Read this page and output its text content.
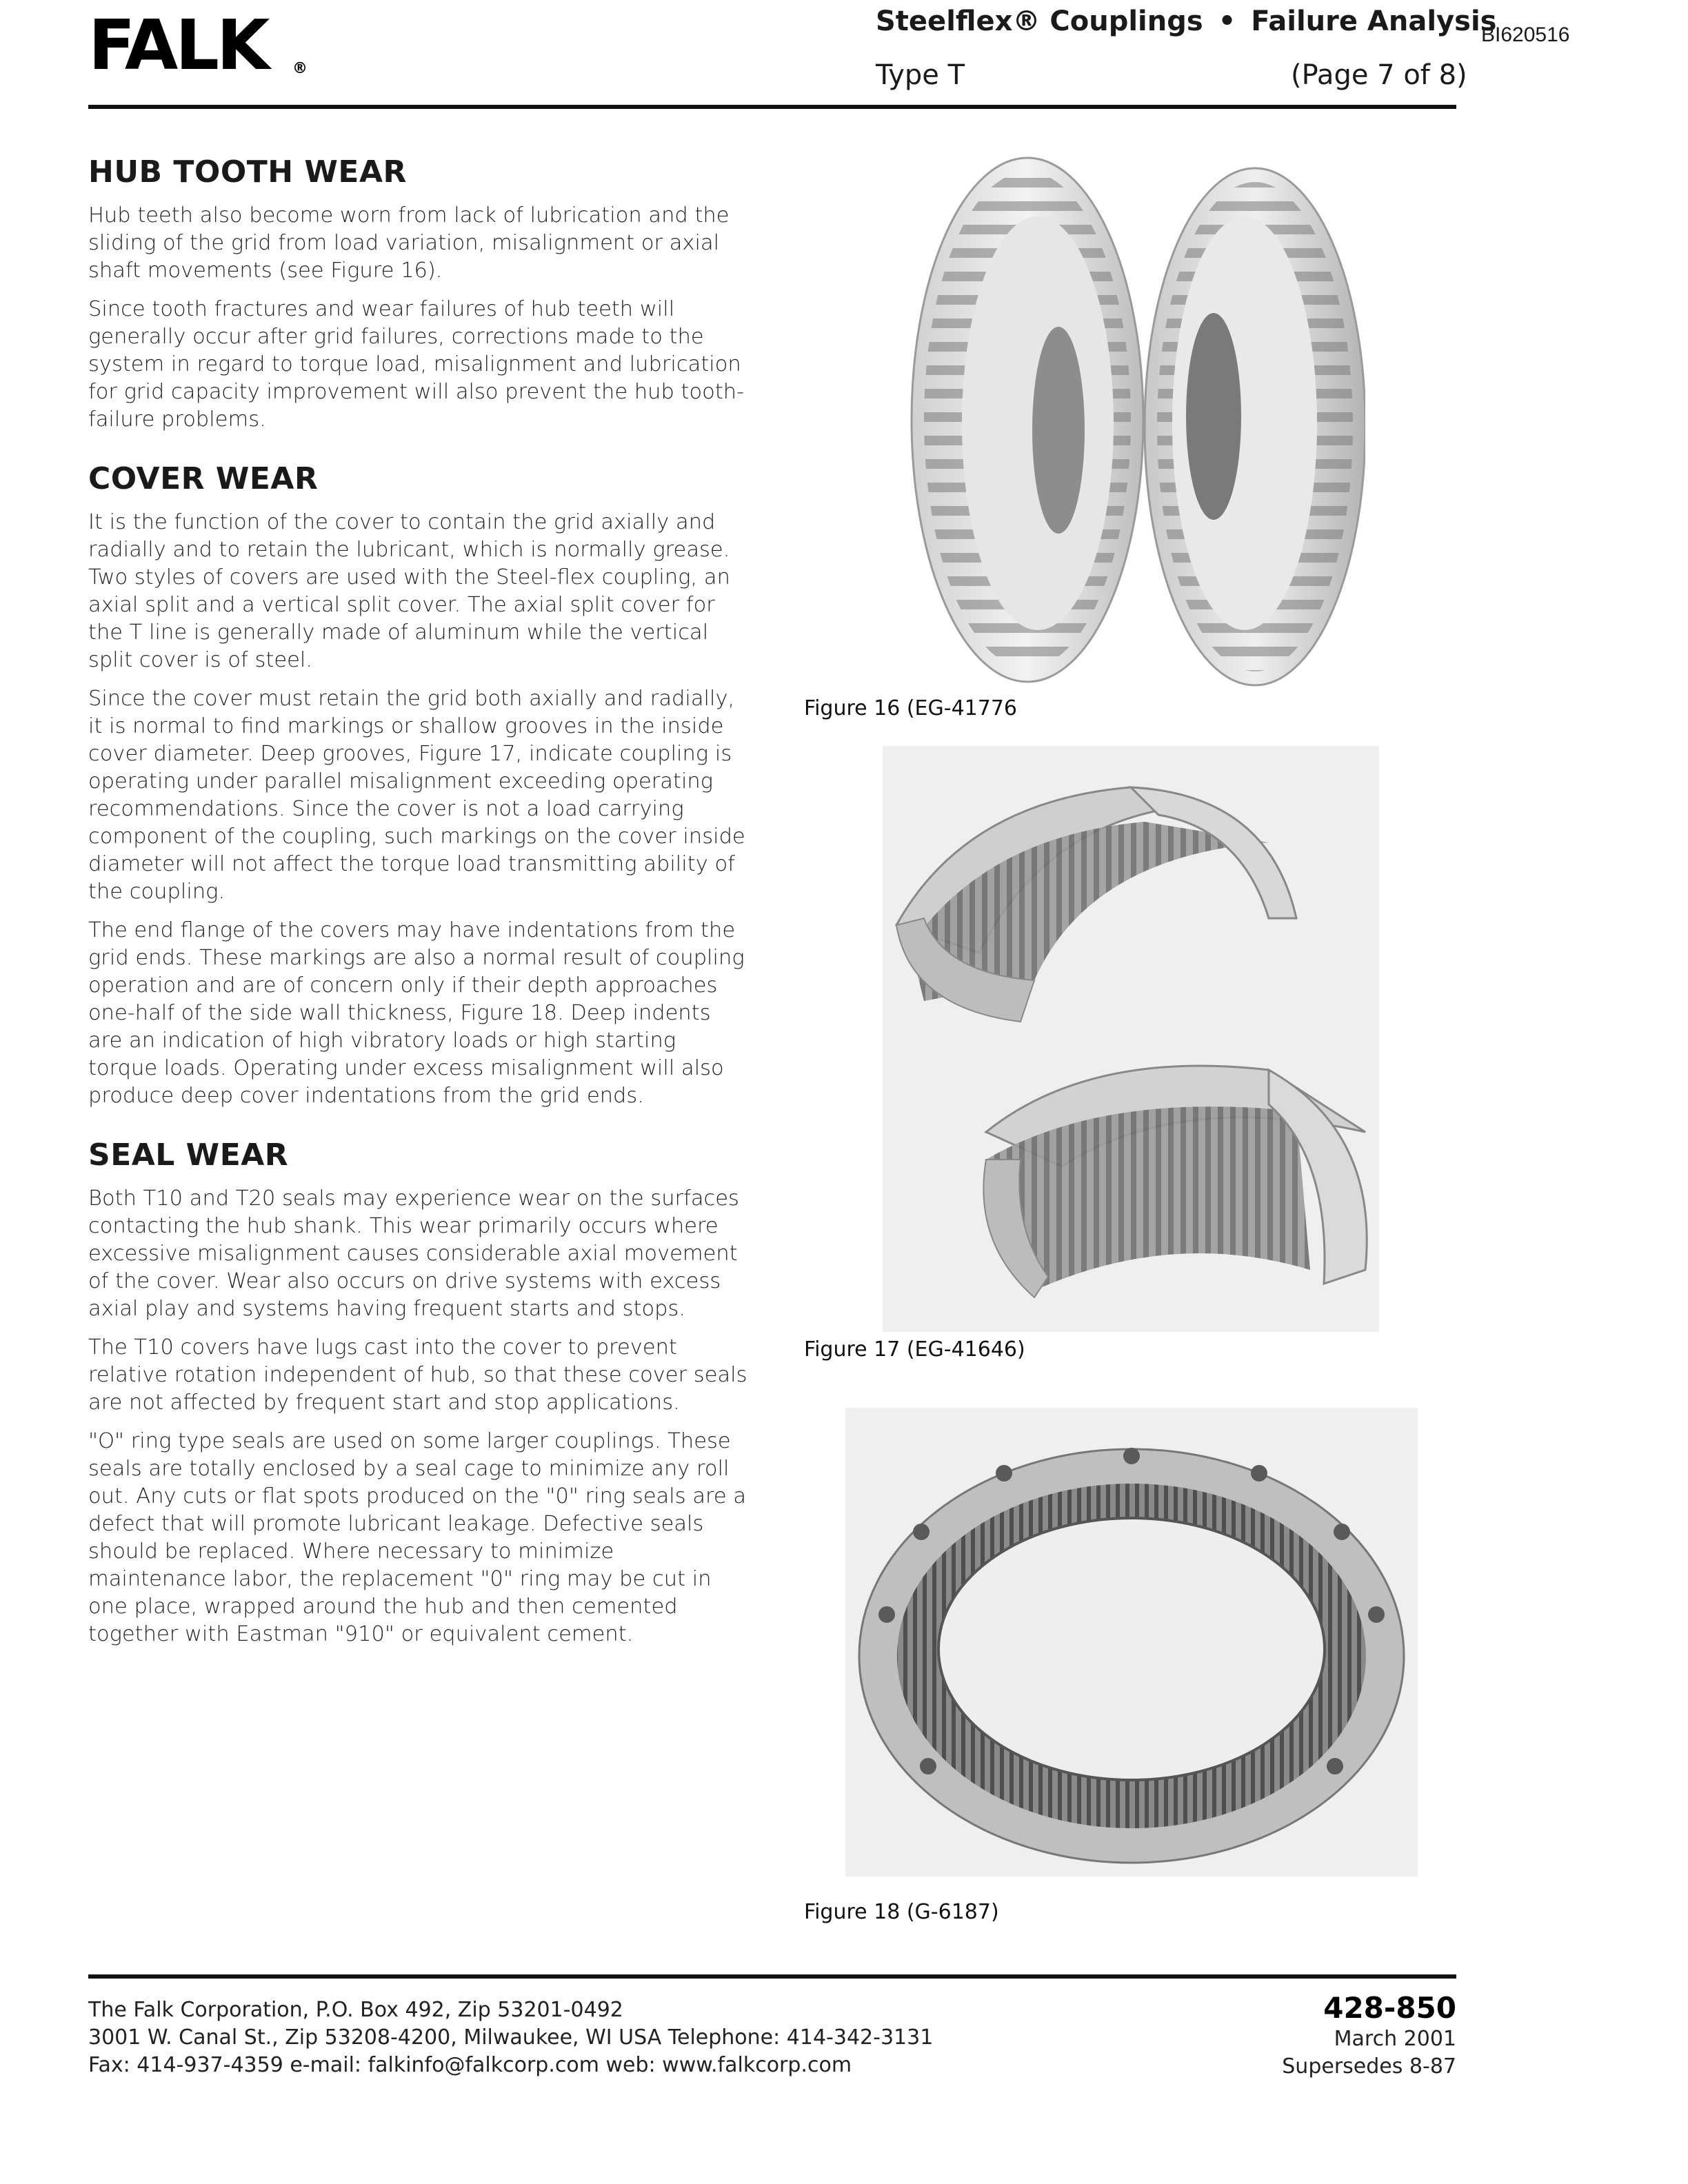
FALK ®
Steelflex® Couplings • Failure Analysis
BI620516
Type T	(Page 7 of 8)
HUB TOOTH WEAR

Hub teeth also become worn from lack of lubrication and the sliding of the grid from load variation, misalignment or axial shaft movements (see Figure 16).

Since tooth fractures and wear failures of hub teeth will generally occur after grid failures, corrections made to the system in regard to torque load, misalignment and lubrication for grid capacity improvement will also prevent the hub tooth-failure problems.

COVER WEAR

It is the function of the cover to contain the grid axially and radially and to retain the lubricant, which is normally grease. Two styles of covers are used with the Steel-flex coupling, an axial split and a vertical split cover. The axial split cover for the T line is generally made of aluminum while the vertical split cover is of steel.

Since the cover must retain the grid both axially and radially, it is normal to find markings or shallow grooves in the inside cover diameter. Deep grooves, Figure 17, indicate coupling is operating under parallel misalignment exceeding operating recommendations. Since the cover is not a load carrying component of the coupling, such markings on the cover inside diameter will not affect the torque load transmitting ability of the coupling.

The end flange of the covers may have indentations from the grid ends. These markings are also a normal result of coupling operation and are of concern only if their depth approaches one-half of the side wall thickness, Figure 18. Deep indents are an indication of high vibratory loads or high starting torque loads. Operating under excess misalignment will also produce deep cover indentations from the grid ends.

SEAL WEAR

Both T10 and T20 seals may experience wear on the surfaces contacting the hub shank. This wear primarily occurs where excessive misalignment causes considerable axial movement of the cover. Wear also occurs on drive systems with excess axial play and systems having frequent starts and stops.

The T10 covers have lugs cast into the cover to prevent relative rotation independent of hub, so that these cover seals are not affected by frequent start and stop applications.

"O" ring type seals are used on some larger couplings. These seals are totally enclosed by a seal cage to minimize any roll out. Any cuts or flat spots produced on the "0" ring seals are a defect that will promote lubricant leakage. Defective seals should be replaced. Where necessary to minimize maintenance labor, the replacement "0" ring may be cut in one place, wrapped around the hub and then cemented together with Eastman "910" or equivalent cement.

Figure 16 (EG-41776
Figure 17 (EG-41646)
Figure 18 (G-6187)
The Falk Corporation, P.O. Box 492, Zip 53201-0492
3001 W. Canal St., Zip 53208-4200, Milwaukee, WI USA Telephone: 414-342-3131
Fax: 414-937-4359 e-mail: falkinfo@falkcorp.com web: www.falkcorp.com
428-850
March 2001
Supersedes 8-87
